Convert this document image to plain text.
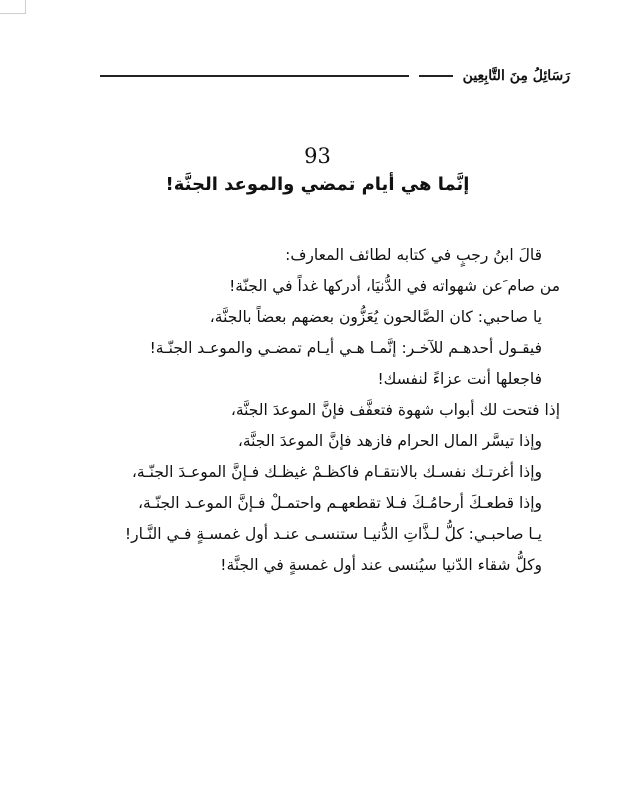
رَسَائِلُ مِنَ التَّابِعِين
93
إنَّما هي أيام تمضي والموعد الجنَّة!

قالَ ابنُ رجبٍ في كتابه لطائف المعارف:

من صام َعن شهواته في الدُّنيَا، أدركها غداً في الجنّة!

يا صاحبي: كان الصَّالحون يُعَزُّون بعضهم بعضاً بالجنَّة،

فيقـول أحدهـم للآخـر: إنَّمـا هـي أيـام تمضـي والموعـد الجنّـة!

فاجعلها أنت عزاءً لنفسك!

إذا فتحت لك أبواب شهوة فتعفَّف فإنَّ الموعدَ الجنَّة،

وإذا تيسَّر المال الحرام فازهد فإنَّ الموعدَ الجنَّة،

وإذا أغرتـك نفسـك بالانتقـام فاكظـمْ غيظـك فـإنَّ الموعـدَ الجنّـة،

وإذا قطعـكَ أرحامُـكَ فـلا تقطعهـم واحتمـلْ فـإنَّ الموعـد الجنّـة،

يـا صاحبـي: كلُّ لـذَّاتِ الدُّنيـا ستنسـى عنـد أول غمسـةٍ فـي النَّـار!

وكلُّ شقاء الدّنيا سيُنسى عند أول غمسةٍ في الجنَّة!
